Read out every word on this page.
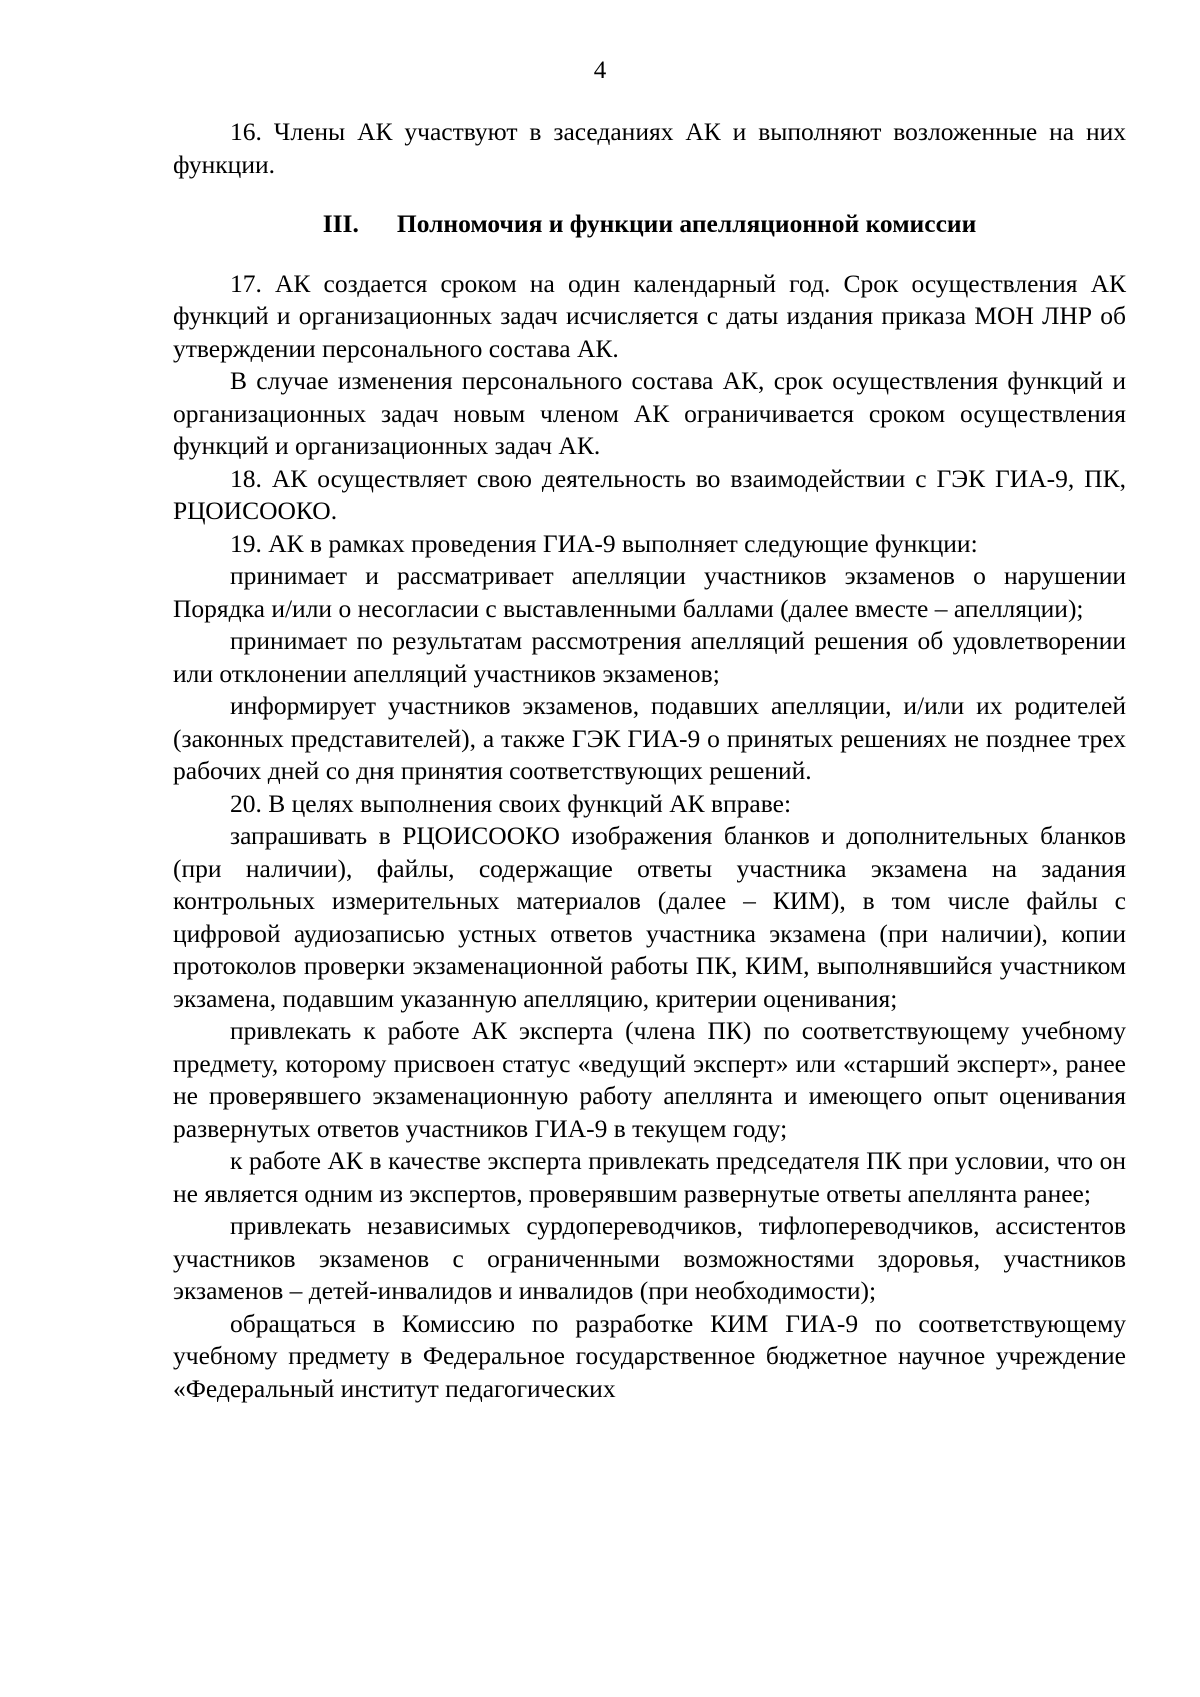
4

16. Члены АК участвуют в заседаниях АК и выполняют возложенные на них функции.

III. Полномочия и функции апелляционной комиссии

17. АК создается сроком на один календарный год. Срок осуществления АК функций и организационных задач исчисляется с даты издания приказа МОН ЛНР об утверждении персонального состава АК.

В случае изменения персонального состава АК, срок осуществления функций и организационных задач новым членом АК ограничивается сроком осуществления функций и организационных задач АК.

18. АК осуществляет свою деятельность во взаимодействии с ГЭК ГИА-9, ПК, РЦОИСООКО.

19. АК в рамках проведения ГИА-9 выполняет следующие функции:

принимает и рассматривает апелляции участников экзаменов о нарушении Порядка и/или о несогласии с выставленными баллами (далее вместе – апелляции);

принимает по результатам рассмотрения апелляций решения об удовлетворении или отклонении апелляций участников экзаменов;

информирует участников экзаменов, подавших апелляции, и/или их родителей (законных представителей), а также ГЭК ГИА-9 о принятых решениях не позднее трех рабочих дней со дня принятия соответствующих решений.

20. В целях выполнения своих функций АК вправе:

запрашивать в РЦОИСООКО изображения бланков и дополнительных бланков (при наличии), файлы, содержащие ответы участника экзамена на задания контрольных измерительных материалов (далее – КИМ), в том числе файлы с цифровой аудиозаписью устных ответов участника экзамена (при наличии), копии протоколов проверки экзаменационной работы ПК, КИМ, выполнявшийся участником экзамена, подавшим указанную апелляцию, критерии оценивания;

привлекать к работе АК эксперта (члена ПК) по соответствующему учебному предмету, которому присвоен статус «ведущий эксперт» или «старший эксперт», ранее не проверявшего экзаменационную работу апеллянта и имеющего опыт оценивания развернутых ответов участников ГИА-9 в текущем году;

к работе АК в качестве эксперта привлекать председателя ПК при условии, что он не является одним из экспертов, проверявшим развернутые ответы апеллянта ранее;

привлекать независимых сурдопереводчиков, тифлопереводчиков, ассистентов участников экзаменов с ограниченными возможностями здоровья, участников экзаменов – детей-инвалидов и инвалидов (при необходимости);

обращаться в Комиссию по разработке КИМ ГИА-9 по соответствующему учебному предмету в Федеральное государственное бюджетное научное учреждение «Федеральный институт педагогических
